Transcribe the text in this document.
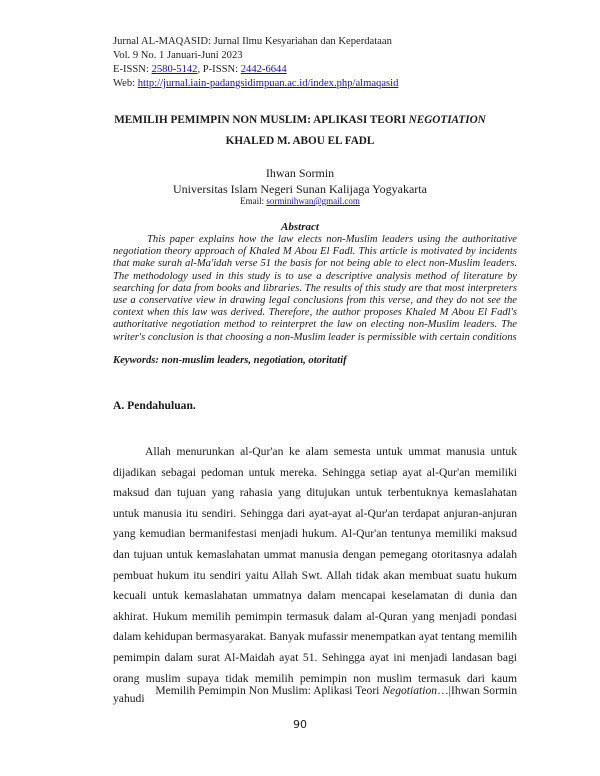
Jurnal AL-MAQASID: Jurnal Ilmu Kesyariahan dan Keperdataan
Vol. 9 No. 1 Januari-Juni 2023
E-ISSN: 2580-5142, P-ISSN: 2442-6644
Web: http://jurnal.iain-padangsidimpuan.ac.id/index.php/almaqasid
MEMILIH PEMIMPIN NON MUSLIM: APLIKASI TEORI NEGOTIATION
KHALED M. ABOU EL FADL
Ihwan Sormin
Universitas Islam Negeri Sunan Kalijaga Yogyakarta
Email: sorminihwan@gmail.com
Abstract

This paper explains how the law elects non-Muslim leaders using the authoritative negotiation theory approach of Khaled M Abou El Fadl. This article is motivated by incidents that make surah al-Ma'idah verse 51 the basis for not being able to elect non-Muslim leaders. The methodology used in this study is to use a descriptive analysis method of literature by searching for data from books and libraries. The results of this study are that most interpreters use a conservative view in drawing legal conclusions from this verse, and they do not see the context when this law was derived. Therefore, the author proposes Khaled M Abou El Fadl's authoritative negotiation method to reinterpret the law on electing non-Muslim leaders. The writer's conclusion is that choosing a non-Muslim leader is permissible with certain conditions

Keywords: non-muslim leaders, negotiation, otoritatif
A. Pendahuluan.

Allah menurunkan al-Qur'an ke alam semesta untuk ummat manusia untuk dijadikan sebagai pedoman untuk mereka. Sehingga setiap ayat al-Qur'an memiliki maksud dan tujuan yang rahasia yang ditujukan untuk terbentuknya kemaslahatan untuk manusia itu sendiri. Sehingga dari ayat-ayat al-Qur'an terdapat anjuran-anjuran yang kemudian bermanifestasi menjadi hukum. Al-Qur'an tentunya memiliki maksud dan tujuan untuk kemaslahatan ummat manusia dengan pemegang otoritasnya adalah pembuat hukum itu sendiri yaitu Allah Swt. Allah tidak akan membuat suatu hukum kecuali untuk kemaslahatan ummatnya dalam mencapai keselamatan di dunia dan akhirat. Hukum memilih pemimpin termasuk dalam al-Quran yang menjadi pondasi dalam kehidupan bermasyarakat. Banyak mufassir menempatkan ayat tentang memilih pemimpin dalam surat Al-Maidah ayat 51. Sehingga ayat ini menjadi landasan bagi orang muslim supaya tidak memilih pemimpin non muslim termasuk dari kaum yahudi

Memilih Pemimpin Non Muslim: Aplikasi Teori Negotiation…|Ihwan Sormin
90
